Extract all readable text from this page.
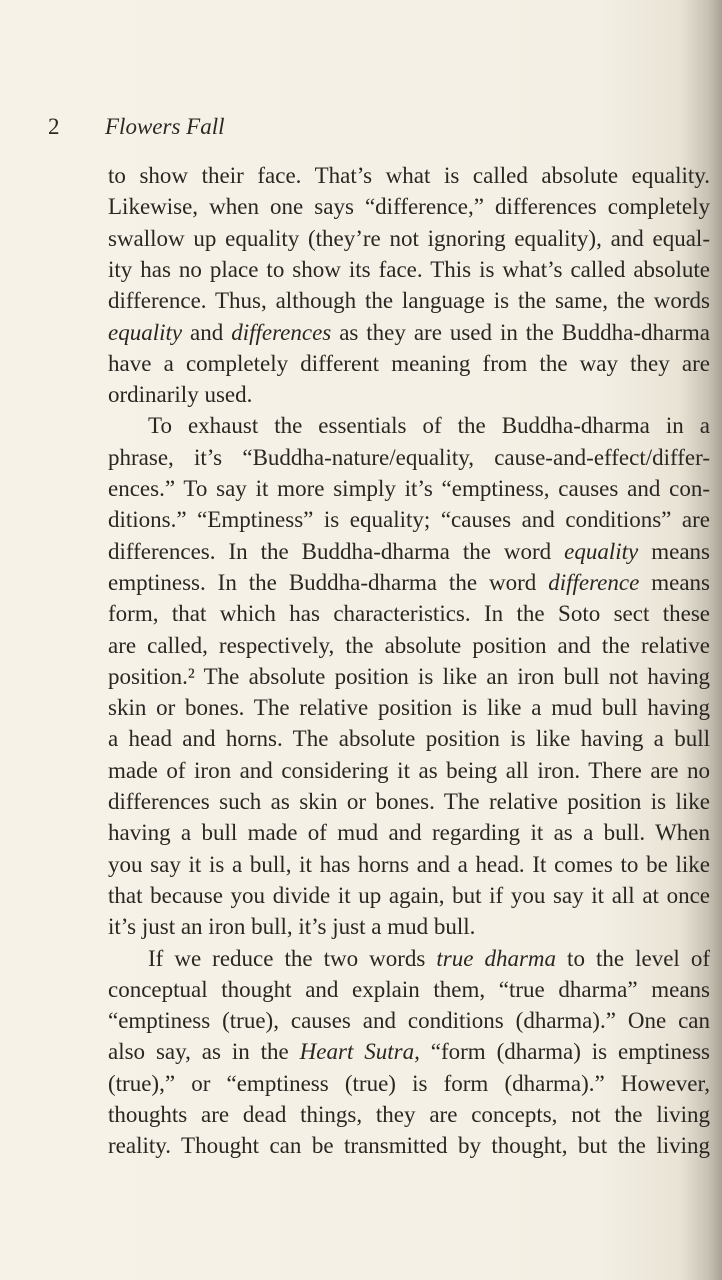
2 Flowers Fall
to show their face. That’s what is called absolute equality.
Likewise, when one says “difference,” differences completely
swallow up equality (they’re not ignoring equality), and equal-
ity has no place to show its face. This is what’s called absolute
difference. Thus, although the language is the same, the words
equality and differences as they are used in the Buddha-dharma
have a completely different meaning from the way they are
ordinarily used.
To exhaust the essentials of the Buddha-dharma in a
phrase, it’s “Buddha-nature/equality, cause-and-effect/differ-
ences.” To say it more simply it’s “emptiness, causes and con-
ditions.” “Emptiness” is equality; “causes and conditions” are
differences. In the Buddha-dharma the word equality means
emptiness. In the Buddha-dharma the word difference means
form, that which has characteristics. In the Soto sect these
are called, respectively, the absolute position and the relative
position.² The absolute position is like an iron bull not having
skin or bones. The relative position is like a mud bull having
a head and horns. The absolute position is like having a bull
made of iron and considering it as being all iron. There are no
differences such as skin or bones. The relative position is like
having a bull made of mud and regarding it as a bull. When
you say it is a bull, it has horns and a head. It comes to be like
that because you divide it up again, but if you say it all at once
it’s just an iron bull, it’s just a mud bull.
If we reduce the two words true dharma to the level of
conceptual thought and explain them, “true dharma” means
“emptiness (true), causes and conditions (dharma).” One can
also say, as in the Heart Sutra, “form (dharma) is emptiness
(true),” or “emptiness (true) is form (dharma).” However,
thoughts are dead things, they are concepts, not the living
reality. Thought can be transmitted by thought, but the living
